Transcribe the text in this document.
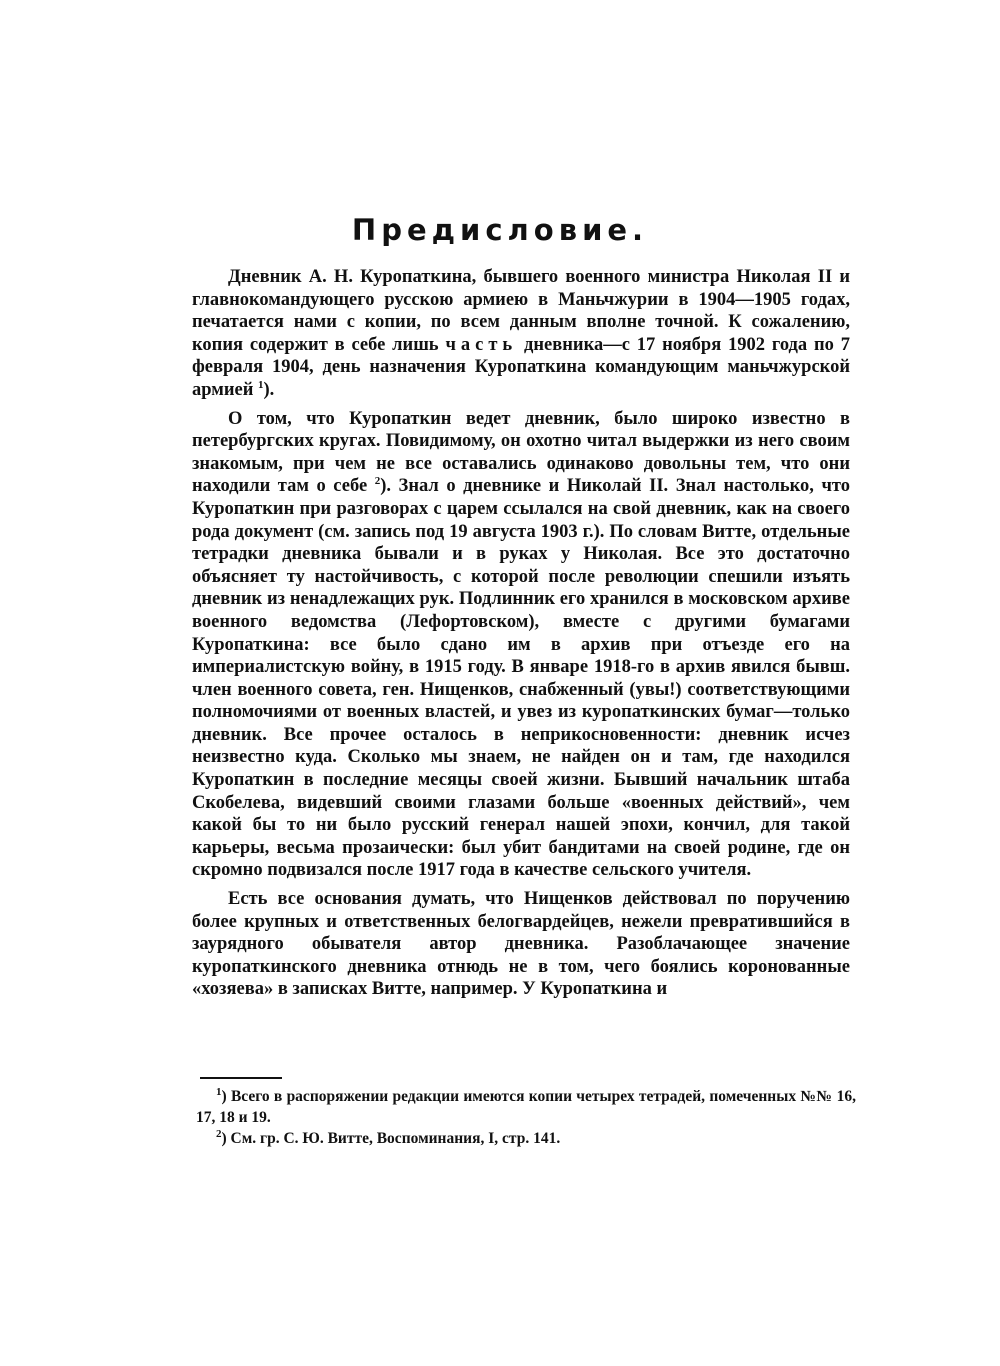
Предисловие.

Дневник А. Н. Куропаткина, бывшего военного министра Николая II и главнокомандующего русскою армиею в Маньчжурии в 1904—1905 годах, печатается нами с копии, по всем данным вполне точной. К сожалению, копия содержит в себе лишь часть дневника—с 17 ноября 1902 года по 7 февраля 1904, день назначения Куропаткина командующим маньчжурской армией $^1$).

О том, что Куропаткин ведет дневник, было широко известно в петербургских кругах. Повидимому, он охотно читал выдержки из него своим знакомым, при чем не все оставались одинаково довольны тем, что они находили там о себе $^2$). Знал о дневнике и Николай II. Знал настолько, что Куропаткин при разговорах с царем ссылался на свой дневник, как на своего рода документ (см. запись под 19 августа 1903 г.). По словам Витте, отдельные тетрадки дневника бывали и в руках у Николая. Все это достаточно объясняет ту настойчивость, с которой после революции спешили изъять дневник из ненадлежащих рук. Подлинник его хранился в московском архиве военного ведомства (Лефортовском), вместе с другими бумагами Куропаткина: все было сдано им в архив при отъезде его на империалистскую войну, в 1915 году. В январе 1918-го в архив явился бывш. член военного совета, ген. Нищенков, снабженный (увы!) соответствующими полномочиями от военных властей, и увез из куропаткинских бумаг—только дневник. Все прочее осталось в неприкосновенности: дневник исчез неизвестно куда. Сколько мы знаем, не найден он и там, где находился Куропаткин в последние месяцы своей жизни. Бывший начальник штаба Скобелева, видевший своими глазами больше «военных действий», чем какой бы то ни было русский генерал нашей эпохи, кончил, для такой карьеры, весьма прозаически: был убит бандитами на своей родине, где он скромно подвизался после 1917 года в качестве сельского учителя.

Есть все основания думать, что Нищенков действовал по поручению более крупных и ответственных белогвардейцев, нежели превратившийся в заурядного обывателя автор дневника. Разоблачающее значение куропаткинского дневника отнюдь не в том, чего боялись коронованные «хозяева» в записках Витте, например. У Куропаткина и

$^1$) Всего в распоряжении редакции имеются копии четырех тетрадей, помеченных №№ 16, 17, 18 и 19.

$^2$) См. гр. С. Ю. Витте, Воспоминания, I, стр. 141.
